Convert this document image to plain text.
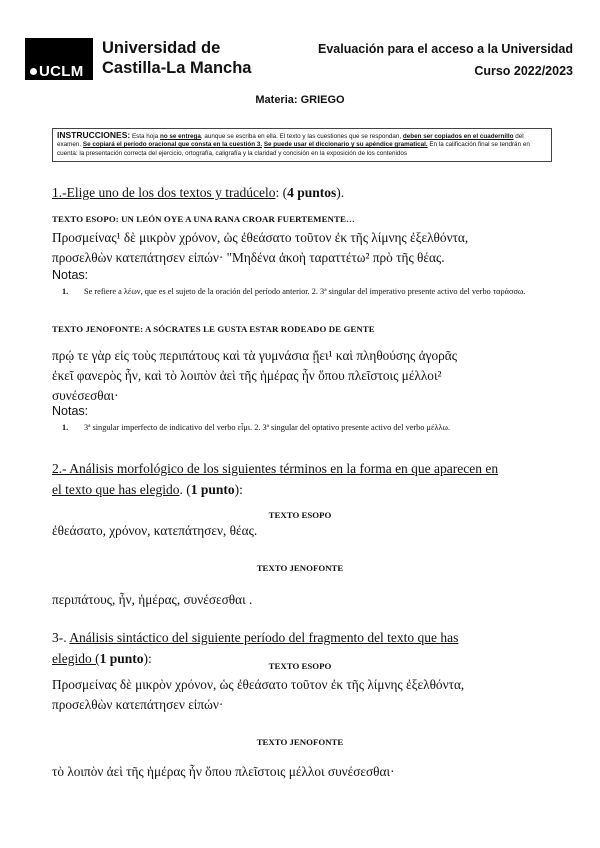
UCLM
Universidad de
Castilla-La Mancha
Evaluación para el acceso a la Universidad
Curso 2022/2023
Materia: GRIEGO
INSTRUCCIONES: Esta hoja no se entrega, aunque se escriba en ella. El texto y las cuestiones que se respondan, deben ser copiados en el cuadernillo del examen. Se copiará el período oracional que consta en la cuestión 3. Se puede usar el diccionario y su apéndice gramatical. En la calificación final se tendrán en cuenta: la presentación correcta del ejercicio, ortografía, caligrafía y la claridad y concisión en la exposición de los contenidos
1.-Elige uno de los dos textos y tradúcelo: (4 puntos).
TEXTO ESOPO: UN LEÓN OYE A UNA RANA CROAR FUERTEMENTE…
Προσμείνας¹ δὲ μικρὸν χρόνον, ὡς ἐθεάσατο τοῦτον ἐκ τῆς λίμνης ἐξελθόντα,
προσελθὼν κατεπάτησεν εἰπών· "Μηδένα ἀκοὴ ταραττέτω² πρὸ τῆς θέας.
Notas:
1. Se refiere a λέων, que es el sujeto de la oración del período anterior. 2. 3ª singular del imperativo presente activo del verbo ταράσσω.
TEXTO JENOFONTE: A SÓCRATES LE GUSTA ESTAR RODEADO DE GENTE
πρῴ τε γὰρ εἰς τοὺς περιπάτους καὶ τὰ γυμνάσια ᾔει¹ καὶ πληθούσης ἀγορᾶς
ἐκεῖ φανερὸς ἦν, καὶ τὸ λοιπὸν ἀεὶ τῆς ἡμέρας ἦν ὅπου πλεῖστοις μέλλοι²
συνέσεσθαι·
Notas:
1. 3ª singular imperfecto de indicativo del verbo εἶμι. 2. 3ª singular del optativo presente activo del verbo μέλλω.
2.- Análisis morfológico de los siguientes términos en la forma en que aparecen en
el texto que has elegido. (1 punto):
TEXTO ESOPO
ἐθεάσατο, χρόνον, κατεπάτησεν, θέας.
TEXTO JENOFONTE
περιπάτους, ἦν, ἡμέρας, συνέσεσθαι .
3-. Análisis sintáctico del siguiente período del fragmento del texto que has
elegido (1 punto):	TEXTO ESOPO
Προσμείνας δὲ μικρὸν χρόνον, ὡς ἐθεάσατο τοῦτον ἐκ τῆς λίμνης ἐξελθόντα,
προσελθὼν κατεπάτησεν εἰπών·
TEXTO JENOFONTE
τὸ λοιπὸν ἀεὶ τῆς ἡμέρας ἦν ὅπου πλεῖστοις μέλλοι συνέσεσθαι·
